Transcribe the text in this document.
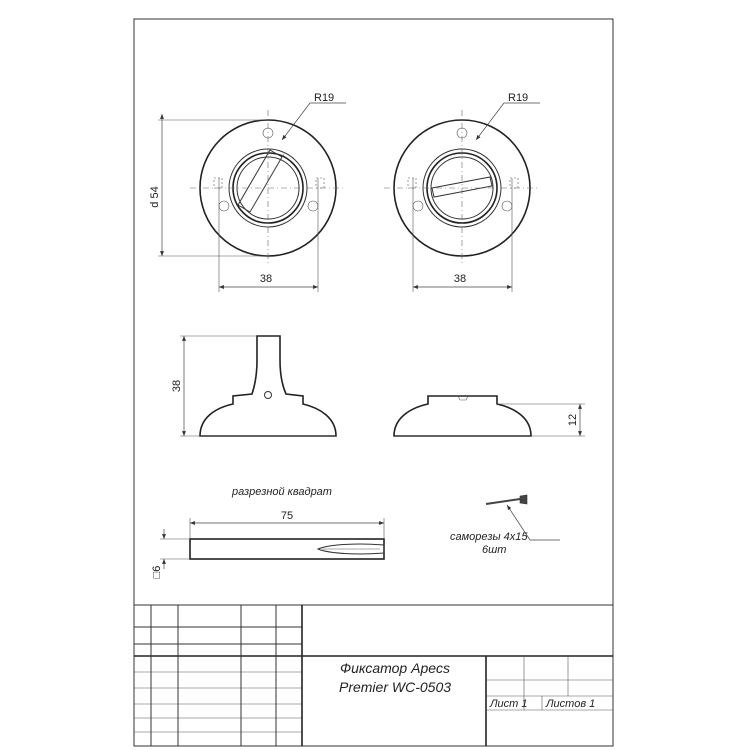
R19
d 54
38
R19
38
38
12
разрезной квадрат
75
□6
саморезы 4х15
6шт
Фиксатор Apecs
Premier WC-0503
Лист 1 Листов 1
